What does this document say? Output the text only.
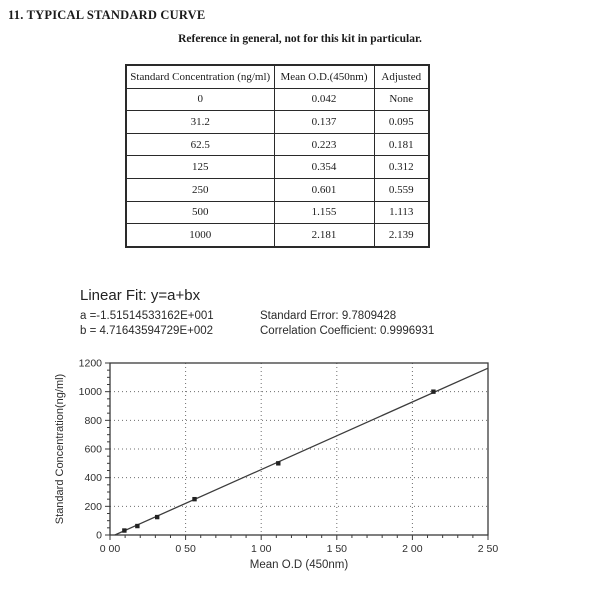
11. TYPICAL STANDARD CURVE
Reference in general, not for this kit in particular.
Standard Concentration (ng/ml)	Mean O.D.(450nm)	Adjusted
0	0.042	None
31.2	0.137	0.095
62.5	0.223	0.181
125	0.354	0.312
250	0.601	0.559
500	1.155	1.113
1000	2.181	2.139
Linear Fit: y=a+bx
a =-1.51514533162E+001
b = 4.71643594729E+002
Standard Error: 9.7809428
Correlation Coefficient: 0.9996931
0 00	0 50	1 00	1 50	2 00	2 50
0
200
400
600
800
1000
1200
Mean O.D (450nm)
Standard Concentration(ng/ml)
